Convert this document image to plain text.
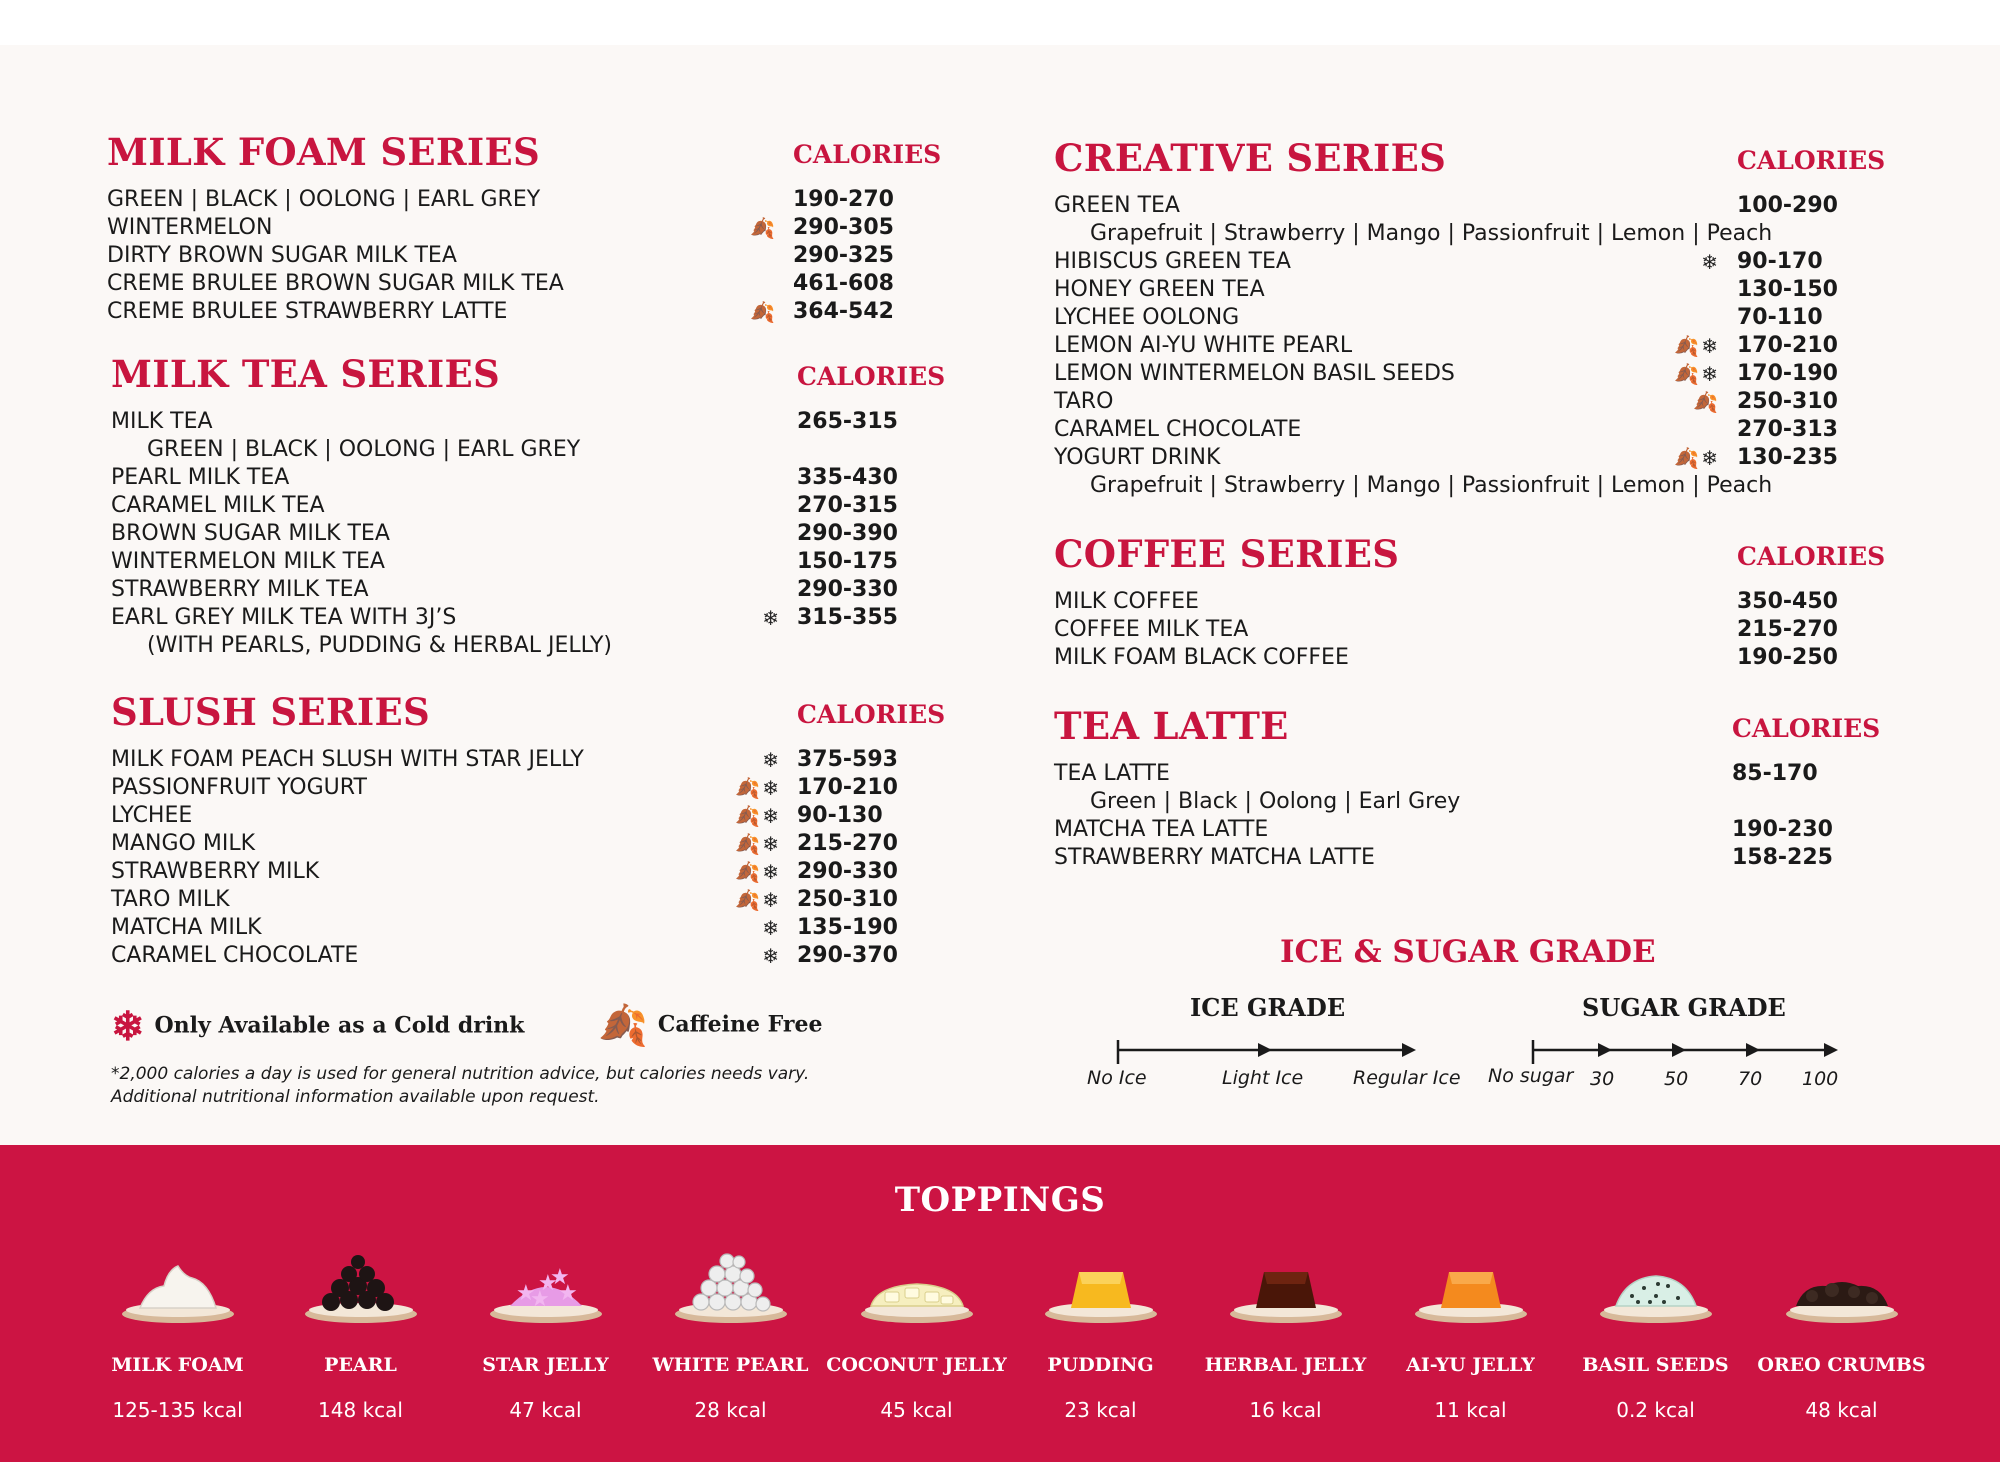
MILK FOAM SERIES	CALORIES
GREEN | BLACK | OOLONG | EARL GREY	190-270
WINTERMELON	🍂 290-305
DIRTY BROWN SUGAR MILK TEA	290-325
CREME BRULEE BROWN SUGAR MILK TEA	461-608
CREME BRULEE STRAWBERRY LATTE	🍂 364-542
MILK TEA SERIES	CALORIES
MILK TEA	265-315
GREEN | BLACK | OOLONG | EARL GREY
PEARL MILK TEA	335-430
CARAMEL MILK TEA	270-315
BROWN SUGAR MILK TEA	290-390
WINTERMELON MILK TEA	150-175
STRAWBERRY MILK TEA	290-330
EARL GREY MILK TEA WITH 3J’S	❄ 315-355
(WITH PEARLS, PUDDING & HERBAL JELLY)
SLUSH SERIES	CALORIES
MILK FOAM PEACH SLUSH WITH STAR JELLY	❄ 375-593
PASSIONFRUIT YOGURT	🍂❄ 170-210
LYCHEE	🍂❄ 90-130
MANGO MILK	🍂❄ 215-270
STRAWBERRY MILK	🍂❄ 290-330
TARO MILK	🍂❄ 250-310
MATCHA MILK	❄ 135-190
CARAMEL CHOCOLATE	❄ 290-370
CREATIVE SERIES	CALORIES
GREEN TEA	100-290
Grapefruit | Strawberry | Mango | Passionfruit | Lemon | Peach
HIBISCUS GREEN TEA	❄ 90-170
HONEY GREEN TEA	130-150
LYCHEE OOLONG	70-110
LEMON AI-YU WHITE PEARL	🍂❄ 170-210
LEMON WINTERMELON BASIL SEEDS	🍂❄ 170-190
TARO	🍂 250-310
CARAMEL CHOCOLATE	270-313
YOGURT DRINK	🍂❄ 130-235
Grapefruit | Strawberry | Mango | Passionfruit | Lemon | Peach
COFFEE SERIES	CALORIES
MILK COFFEE	350-450
COFFEE MILK TEA	215-270
MILK FOAM BLACK COFFEE	190-250
TEA LATTE	CALORIES
TEA LATTE	85-170
Green | Black | Oolong | Earl Grey
MATCHA TEA LATTE	190-230
STRAWBERRY MATCHA LATTE	158-225
❄ Only Available as a Cold drink 🍂 Caffeine Free
*2,000 calories a day is used for general nutrition advice, but calories needs vary.
Additional nutritional information available upon request.
ICE & SUGAR GRADE
ICE GRADE	SUGAR GRADE
No Ice	Light Ice	Regular Ice No sugar 30	50	70 100
TOPPINGS
MILK FOAM
125-135 kcal
PEARL
148 kcal
★ ★ ★
★
★
STAR JELLY
47 kcal
WHITE PEARL
28 kcal
COCONUT JELLY
45 kcal
PUDDING
23 kcal
HERBAL JELLY
16 kcal
AI-YU JELLY
11 kcal
BASIL SEEDS
0.2 kcal
OREO CRUMBS
48 kcal
